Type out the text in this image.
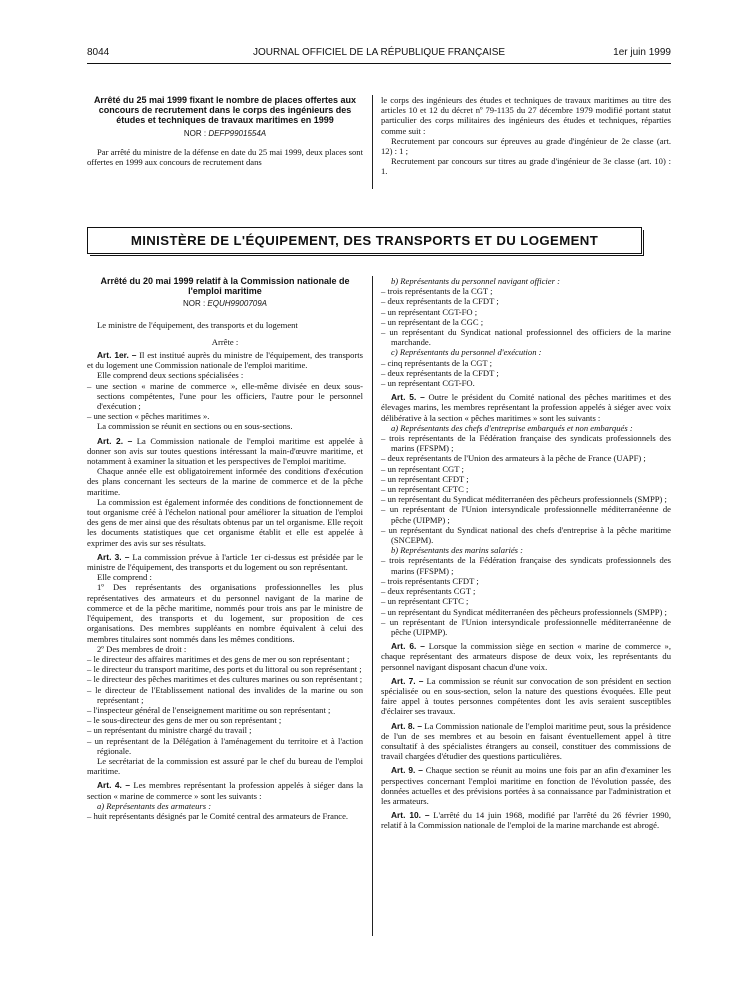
8044	JOURNAL OFFICIEL DE LA RÉPUBLIQUE FRANÇAISE	1er juin 1999

Arrêté du 25 mai 1999 fixant le nombre de places offertes aux concours de recrutement dans le corps des ingénieurs des études et techniques de travaux maritimes en 1999

NOR : DEFP9901554A

Par arrêté du ministre de la défense en date du 25 mai 1999, deux places sont offertes en 1999 aux concours de recrutement dans

le corps des ingénieurs des études et techniques de travaux maritimes au titre des articles 10 et 12 du décret nº 79-1135 du 27 décembre 1979 modifié portant statut particulier des corps militaires des ingénieurs des études et techniques, réparties comme suit :

Recrutement par concours sur épreuves au grade d'ingénieur de 2e classe (art. 12) : 1 ;

Recrutement par concours sur titres au grade d'ingénieur de 3e classe (art. 10) : 1.

MINISTÈRE DE L'ÉQUIPEMENT, DES TRANSPORTS ET DU LOGEMENT

Arrêté du 20 mai 1999 relatif à la Commission nationale de l'emploi maritime

NOR : EQUH9900709A

Le ministre de l'équipement, des transports et du logement

Arrête :

Art. 1er. – Il est institué auprès du ministre de l'équipement, des transports et du logement une Commission nationale de l'emploi maritime.

Elle comprend deux sections spécialisées :

– une section « marine de commerce », elle-même divisée en deux sous-sections compétentes, l'une pour les officiers, l'autre pour le personnel d'exécution ;

– une section « pêches maritimes ».

La commission se réunit en sections ou en sous-sections.

Art. 2. – La Commission nationale de l'emploi maritime est appelée à donner son avis sur toutes questions intéressant la main-d'œuvre maritime, et notamment à examiner la situation et les perspectives de l'emploi maritime.

Chaque année elle est obligatoirement informée des conditions d'exécution des plans concernant les secteurs de la marine de commerce et de la pêche maritime.

La commission est également informée des conditions de fonctionnement de tout organisme créé à l'échelon national pour améliorer la situation de l'emploi des gens de mer ainsi que des résultats obtenus par un tel organisme. Elle reçoit les documents statistiques que cet organisme établit et elle est appelée à exprimer des avis sur ses résultats.

Art. 3. – La commission prévue à l'article 1er ci-dessus est présidée par le ministre de l'équipement, des transports et du logement ou son représentant.

Elle comprend :

1º Des représentants des organisations professionnelles les plus représentatives des armateurs et du personnel navigant de la marine de commerce et de la pêche maritime, nommés pour trois ans par le ministre de l'équipement, des transports et du logement, sur proposition de ces organisations. Des membres suppléants en nombre équivalent à celui des membres titulaires sont nommés dans les mêmes conditions.

2º Des membres de droit :

– le directeur des affaires maritimes et des gens de mer ou son représentant ;

– le directeur du transport maritime, des ports et du littoral ou son représentant ;

– le directeur des pêches maritimes et des cultures marines ou son représentant ;

– le directeur de l'Etablissement national des invalides de la marine ou son représentant ;

– l'inspecteur général de l'enseignement maritime ou son représentant ;

– le sous-directeur des gens de mer ou son représentant ;

– un représentant du ministre chargé du travail ;

– un représentant de la Délégation à l'aménagement du territoire et à l'action régionale.

Le secrétariat de la commission est assuré par le chef du bureau de l'emploi maritime.

Art. 4. – Les membres représentant la profession appelés à siéger dans la section « marine de commerce » sont les suivants :

a) Représentants des armateurs :

– huit représentants désignés par le Comité central des armateurs de France.

b) Représentants du personnel navigant officier :

– trois représentants de la CGT ;

– deux représentants de la CFDT ;

– un représentant CGT-FO ;

– un représentant de la CGC ;

– un représentant du Syndicat national professionnel des officiers de la marine marchande.

c) Représentants du personnel d'exécution :

– cinq représentants de la CGT ;

– deux représentants de la CFDT ;

– un représentant CGT-FO.

Art. 5. – Outre le président du Comité national des pêches maritimes et des élevages marins, les membres représentant la profession appelés à siéger avec voix délibérative à la section « pêches maritimes » sont les suivants :

a) Représentants des chefs d'entreprise embarqués et non embarqués :

– trois représentants de la Fédération française des syndicats professionnels des marins (FFSPM) ;

– deux représentants de l'Union des armateurs à la pêche de France (UAPF) ;

– un représentant CGT ;

– un représentant CFDT ;

– un représentant CFTC ;

– un représentant du Syndicat méditerranéen des pêcheurs professionnels (SMPP) ;

– un représentant de l'Union intersyndicale professionnelle méditerranéenne de pêche (UIPMP) ;

– un représentant du Syndicat national des chefs d'entreprise à la pêche maritime (SNCEPM).

b) Représentants des marins salariés :

– trois représentants de la Fédération française des syndicats professionnels des marins (FFSPM) ;

– trois représentants CFDT ;

– deux représentants CGT ;

– un représentant CFTC ;

– un représentant du Syndicat méditerranéen des pêcheurs professionnels (SMPP) ;

– un représentant de l'Union intersyndicale professionnelle méditerranéenne de pêche (UIPMP).

Art. 6. – Lorsque la commission siège en section « marine de commerce », chaque représentant des armateurs dispose de deux voix, les représentants du personnel navigant disposant chacun d'une voix.

Art. 7. – La commission se réunit sur convocation de son président en section spécialisée ou en sous-section, selon la nature des questions évoquées. Elle peut faire appel à toutes personnes compétentes dont les avis seraient susceptibles d'éclairer ses travaux.

Art. 8. – La Commission nationale de l'emploi maritime peut, sous la présidence de l'un de ses membres et au besoin en faisant éventuellement appel à titre consultatif à des spécialistes étrangers au conseil, constituer des commissions de travail chargées d'étudier des questions particulières.

Art. 9. – Chaque section se réunit au moins une fois par an afin d'examiner les perspectives concernant l'emploi maritime en fonction de l'évolution passée, des données actuelles et des prévisions portées à sa connaissance par l'administration et les armateurs.

Art. 10. – L'arrêté du 14 juin 1968, modifié par l'arrêté du 26 février 1990, relatif à la Commission nationale de l'emploi de la marine marchande est abrogé.
